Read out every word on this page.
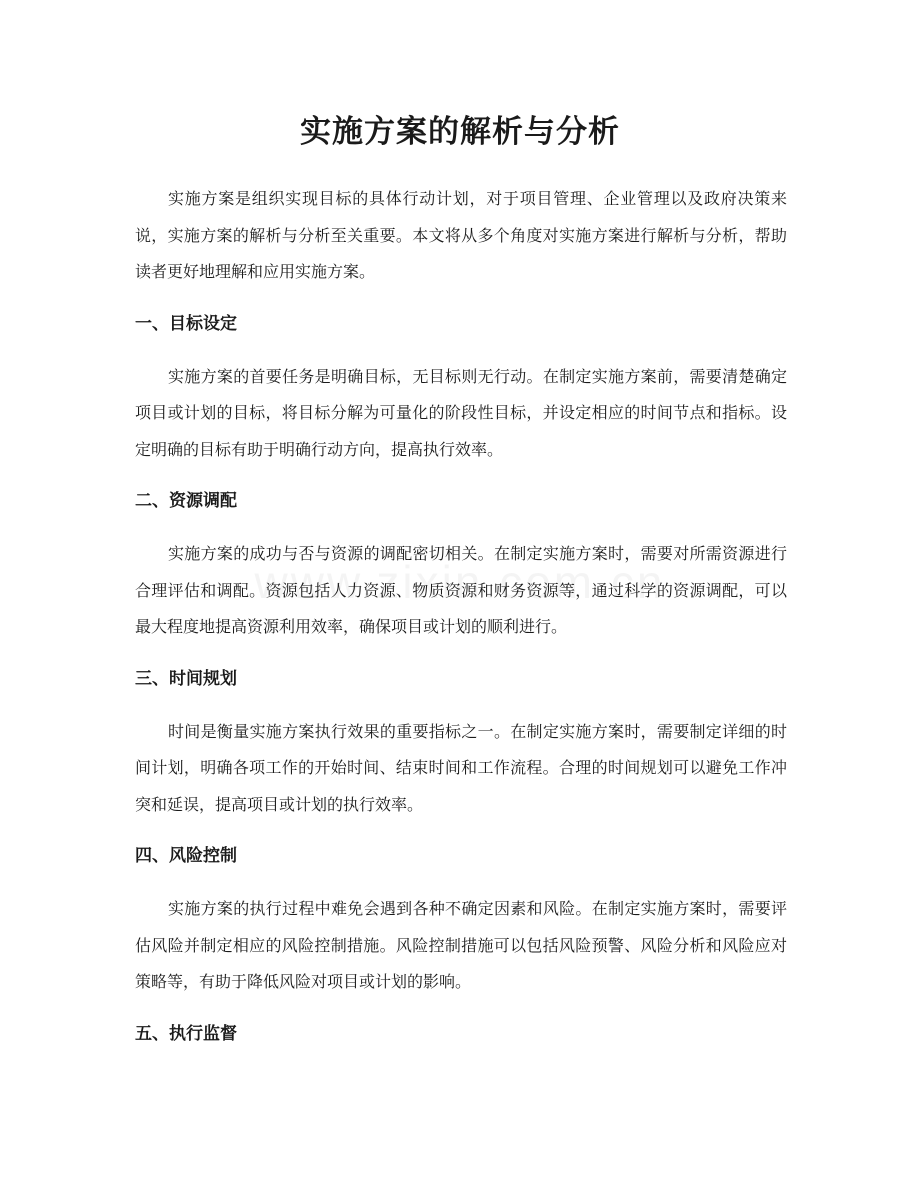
实施方案的解析与分析

实施方案是组织实现目标的具体行动计划，对于项目管理、企业管理以及政府决策来说，实施方案的解析与分析至关重要。本文将从多个角度对实施方案进行解析与分析，帮助读者更好地理解和应用实施方案。

一、目标设定

实施方案的首要任务是明确目标，无目标则无行动。在制定实施方案前，需要清楚确定项目或计划的目标，将目标分解为可量化的阶段性目标，并设定相应的时间节点和指标。设定明确的目标有助于明确行动方向，提高执行效率。

二、资源调配

实施方案的成功与否与资源的调配密切相关。在制定实施方案时，需要对所需资源进行合理评估和调配。资源包括人力资源、物质资源和财务资源等，通过科学的资源调配，可以最大程度地提高资源利用效率，确保项目或计划的顺利进行。

三、时间规划

时间是衡量实施方案执行效果的重要指标之一。在制定实施方案时，需要制定详细的时间计划，明确各项工作的开始时间、结束时间和工作流程。合理的时间规划可以避免工作冲突和延误，提高项目或计划的执行效率。

四、风险控制

实施方案的执行过程中难免会遇到各种不确定因素和风险。在制定实施方案时，需要评估风险并制定相应的风险控制措施。风险控制措施可以包括风险预警、风险分析和风险应对策略等，有助于降低风险对项目或计划的影响。

五、执行监督
